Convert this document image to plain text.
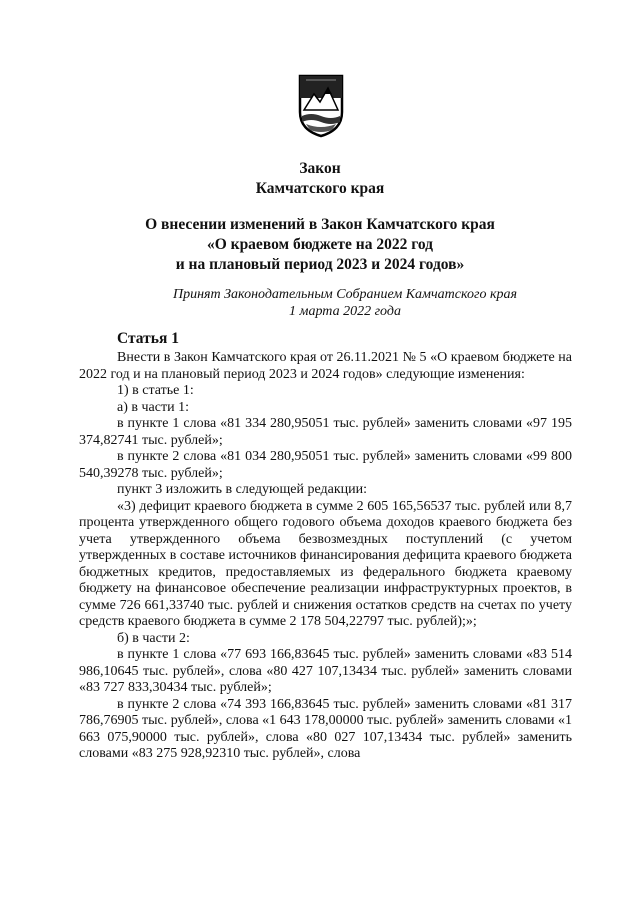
Закон
Камчатского края
О внесении изменений в Закон Камчатского края
«О краевом бюджете на 2022 год
и на плановый период 2023 и 2024 годов»
Принят Законодательным Собранием Камчатского края
1 марта 2022 года
Статья 1

Внести в Закон Камчатского края от 26.11.2021 № 5 «О краевом бюджете на 2022 год и на плановый период 2023 и 2024 годов» следующие изменения:

1) в статье 1:

а) в части 1:

в пункте 1 слова «81 334 280,95051 тыс. рублей» заменить словами «97 195 374,82741 тыс. рублей»;

в пункте 2 слова «81 034 280,95051 тыс. рублей» заменить словами «99 800 540,39278 тыс. рублей»;

пункт 3 изложить в следующей редакции:

«3) дефицит краевого бюджета в сумме 2 605 165,56537 тыс. рублей или 8,7 процента утвержденного общего годового объема доходов краевого бюджета без учета утвержденного объема безвозмездных поступлений (с учетом утвержденных в составе источников финансирования дефицита краевого бюджета бюджетных кредитов, предоставляемых из федерального бюджета краевому бюджету на финансовое обеспечение реализации инфраструктурных проектов, в сумме 726 661,33740 тыс. рублей и снижения остатков средств на счетах по учету средств краевого бюджета в сумме 2 178 504,22797 тыс. рублей);»;

б) в части 2:

в пункте 1 слова «77 693 166,83645 тыс. рублей» заменить словами «83 514 986,10645 тыс. рублей», слова «80 427 107,13434 тыс. рублей» заменить словами «83 727 833,30434 тыс. рублей»;

в пункте 2 слова «74 393 166,83645 тыс. рублей» заменить словами «81 317 786,76905 тыс. рублей», слова «1 643 178,00000 тыс. рублей» заменить словами «1 663 075,90000 тыс. рублей», слова «80 027 107,13434 тыс. рублей» заменить словами «83 275 928,92310 тыс. рублей», слова
